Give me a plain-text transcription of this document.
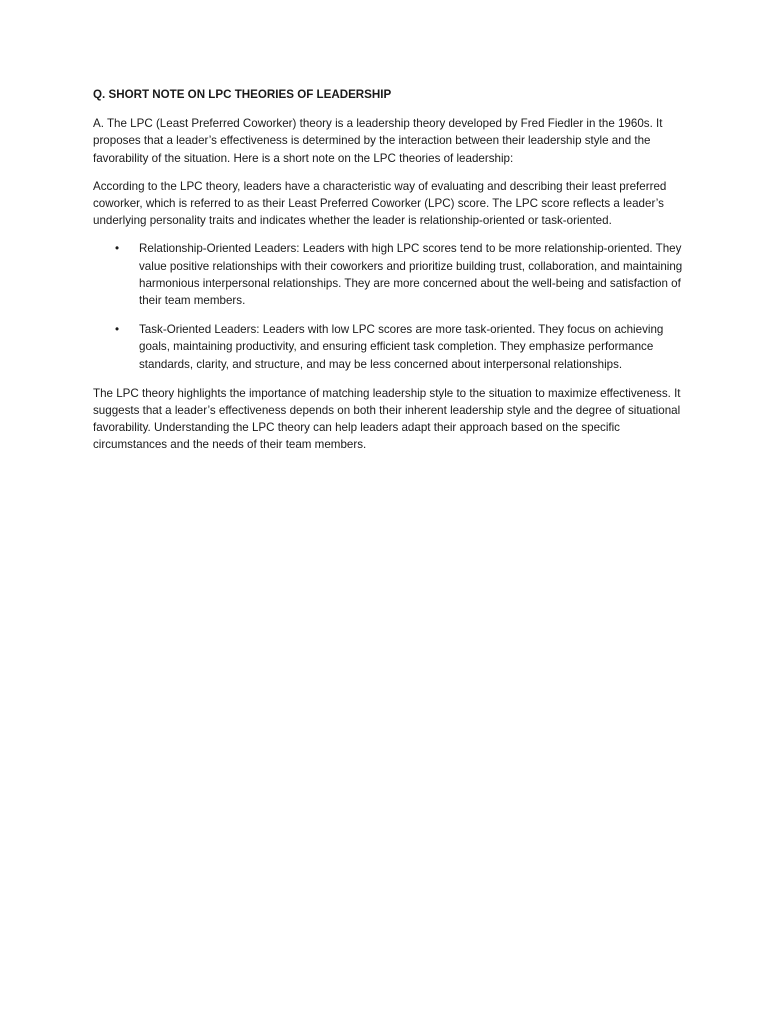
Q. SHORT NOTE ON LPC THEORIES OF LEADERSHIP

A. The LPC (Least Preferred Coworker) theory is a leadership theory developed by Fred Fiedler in the 1960s. It proposes that a leader’s effectiveness is determined by the interaction between their leadership style and the favorability of the situation. Here is a short note on the LPC theories of leadership:

According to the LPC theory, leaders have a characteristic way of evaluating and describing their least preferred coworker, which is referred to as their Least Preferred Coworker (LPC) score. The LPC score reflects a leader’s underlying personality traits and indicates whether the leader is relationship-oriented or task-oriented.

• Relationship-Oriented Leaders: Leaders with high LPC scores tend to be more relationship-oriented. They value positive relationships with their coworkers and prioritize building trust, collaboration, and maintaining harmonious interpersonal relationships. They are more concerned about the well-being and satisfaction of their team members.
• Task-Oriented Leaders: Leaders with low LPC scores are more task-oriented. They focus on achieving goals, maintaining productivity, and ensuring efficient task completion. They emphasize performance standards, clarity, and structure, and may be less concerned about interpersonal relationships.

The LPC theory highlights the importance of matching leadership style to the situation to maximize effectiveness. It suggests that a leader’s effectiveness depends on both their inherent leadership style and the degree of situational favorability. Understanding the LPC theory can help leaders adapt their approach based on the specific circumstances and the needs of their team members.
